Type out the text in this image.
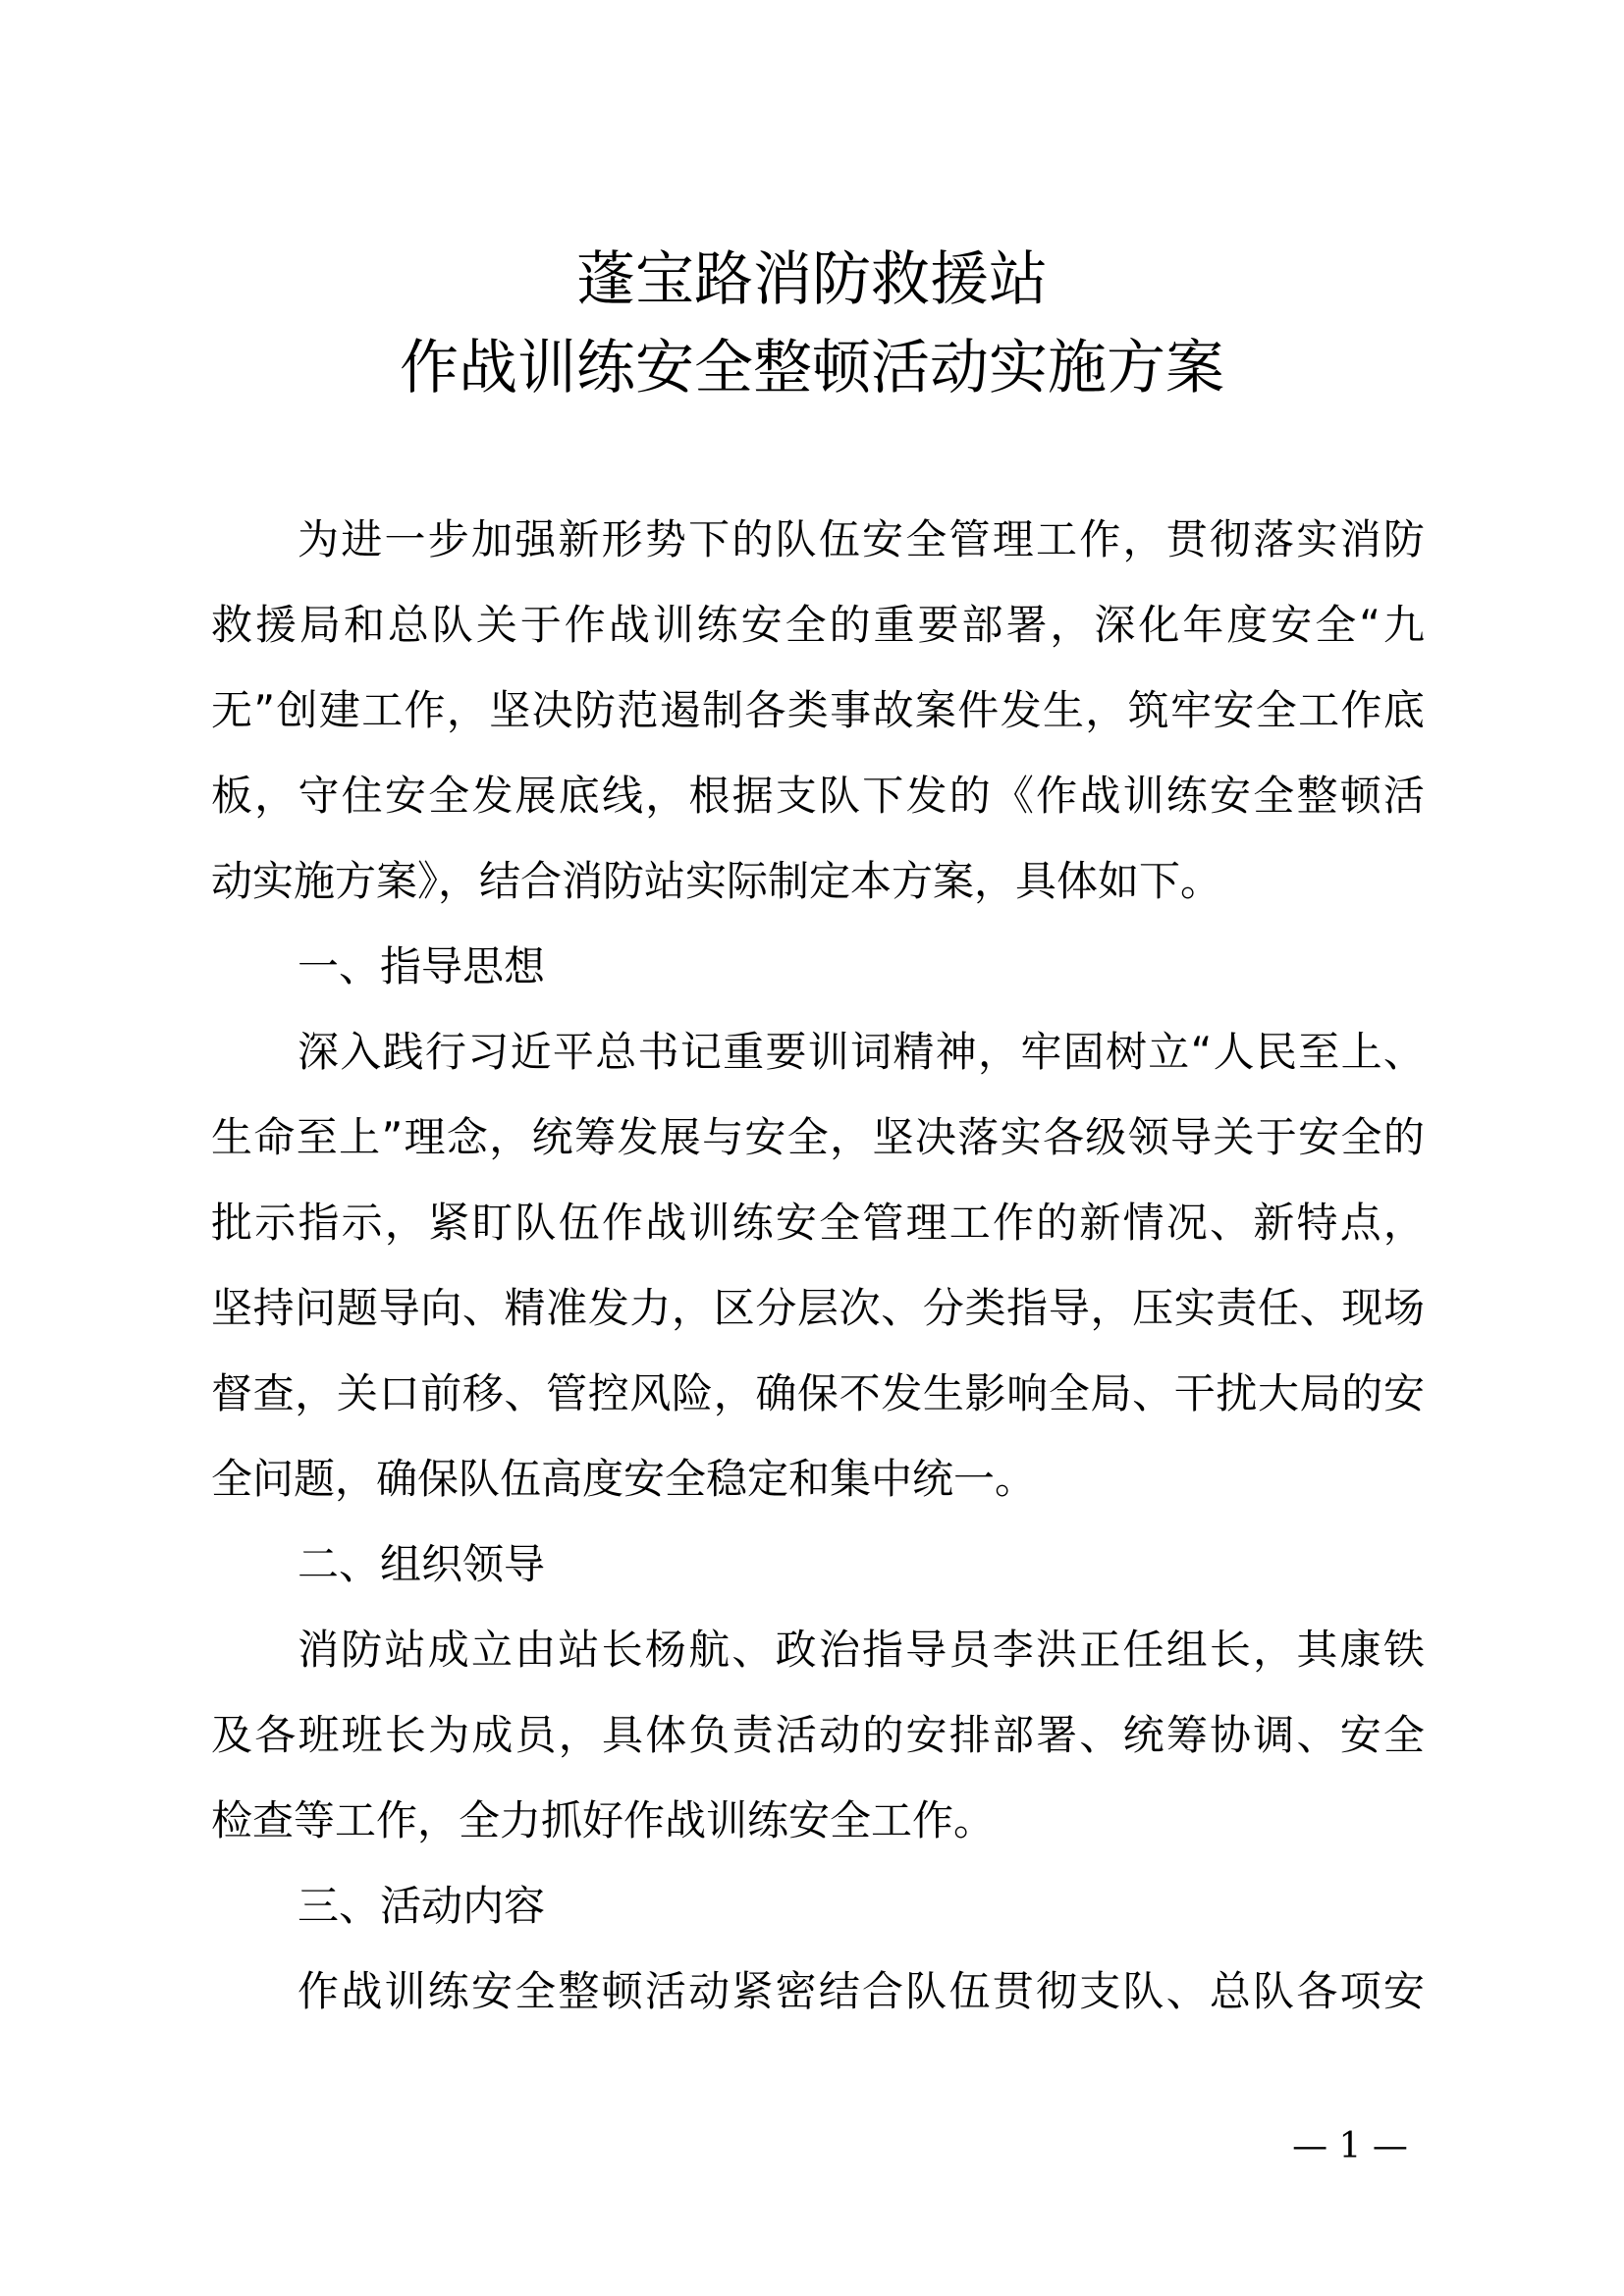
蓬宝路消防救援站
作战训练安全整顿活动实施方案
为 进 一 步 加 强 新 形 势 下 的 队 伍 安 全 管 理 工 作 ， 贯 彻 落 实 消 防
救 援 局 和 总 队 关 于 作 战 训 练 安 全 的 重 要 部 署 ， 深 化 年 度 安 全 “ 九
无 ” 创 建 工 作 ， 坚 决 防 范 遏 制 各 类 事 故 案 件 发 生 ， 筑 牢 安 全 工 作 底
板 ， 守 住 安 全 发 展 底 线 ， 根 据 支 队 下 发 的 《 作 战 训 练 安 全 整 顿 活
动实施方案》，结合消防站实际制定本方案，具体如下。
一、指导思想
深 入 践 行 习 近 平 总 书 记 重 要 训 词 精 神 ， 牢 固 树 立 “ 人 民 至 上 、
生 命 至 上 ” 理 念 ， 统 筹 发 展 与 安 全 ， 坚 决 落 实 各 级 领 导 关 于 安 全 的
批 示 指 示 ， 紧 盯 队 伍 作 战 训 练 安 全 管 理 工 作 的 新 情 况 、 新 特 点 ，
坚 持 问 题 导 向 、 精 准 发 力 ， 区 分 层 次 、 分 类 指 导 ， 压 实 责 任 、 现 场
督 查 ， 关 口 前 移 、 管 控 风 险 ， 确 保 不 发 生 影 响 全 局 、 干 扰 大 局 的 安
全问题，确保队伍高度安全稳定和集中统一。
二、组织领导
消 防 站 成 立 由 站 长 杨 航 、 政 治 指 导 员 李 洪 正 任 组 长 ， 其 康 铁
及 各 班 班 长 为 成 员 ， 具 体 负 责 活 动 的 安 排 部 署 、 统 筹 协 调 、 安 全
检查等工作，全力抓好作战训练安全工作。
三、活动内容
作 战 训 练 安 全 整 顿 活 动 紧 密 结 合 队 伍 贯 彻 支 队 、 总 队 各 项 安
— 1 —
